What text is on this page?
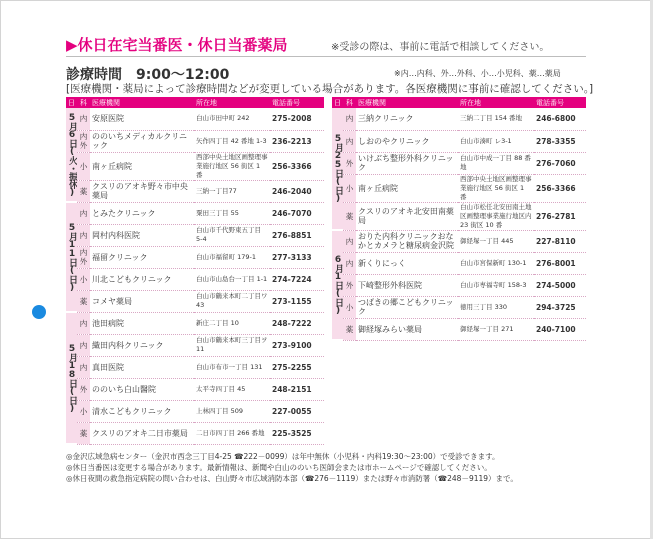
▶休日在宅当番医・休日当番薬局	※受診の際は、事前に電話で相談してください。
診療時間　9:00〜12:00	※内…内科、外…外科、小…小児科、薬…薬局
[医療機関・薬局によって診療時間などが変更している場合があります。各医療機関に事前に確認してください。]
日	科	医療機関	所在地	電話番号
5月6日(火・振休)	内	安原医院	白山市田中町 242	275-2008
	内外	ののいちメディカルクリニック	矢作四丁目 42 番地 1-3	236-2213
	小	南ヶ丘病院	西部中央土地区画整理事業施行地区 56 街区 1 番	256-3366
	薬	クスリのアオキ野々市中央薬局	三納一丁目77	246-2040
5月11日(日)	内	とみたクリニック	粟田三丁目 55	246-7070
	内	岡村内科医院	白山市千代野東五丁目 5-4	276-8851
	内外	福留クリニック	白山市福留町 179-1	277-3133
	小	川北こどもクリニック	白山市山島台一丁目 1-1	274-7224
	薬	コメヤ薬局	白山市鶴来本町二丁目ワ 43	273-1155
5月18日(日)	内	池田病院	新庄二丁目 10	248-7222
	内	織田内科クリニック	白山市鶴来本町三丁目ヲ 11	273-9100
	内	真田医院	白山市布市一丁目 131	275-2255
	外	ののいち白山醫院	太平寺四丁目 45	248-2151
	小	清水こどもクリニック	上林四丁目 509	227-0055
	薬	クスリのアオキ二日市薬局	二日市四丁目 266 番地	225-3525
日	科	医療機関	所在地	電話番号
5月25日(日)	内	三納クリニック	三納二丁目 154 番地	246-6800
	内	しおのやクリニック	白山市湊町 レ3-1	278-3355
	外	いけぶち整形外科クリニック	白山市中成一丁目 88 番地	276-7060
	小	南ヶ丘病院	西部中央土地区画整理事業施行地区 56 街区 1 番	256-3366
	薬	クスリのアオキ北安田南薬局	白山市松任北安田南土地区画整理事業施行地区内 23 街区 10 番	276-2781
6月1日(日)	内	おりた内科クリニックおなかとカメラと糖尿病金沢院	御経塚一丁目 445	227-8110
	内	新くりにっく	白山市宮保新町 130-1	276-8001
	外	下崎整形外科医院	白山市専福寺町 158-3	274-5000
	小	つばきの郷こどもクリニック	徳用三丁目 330	294-3725
	薬	御経塚みらい薬局	御経塚一丁目 271	240-7100
◎金沢広域急病センター（金沢市西念三丁目4-25 ☎222－0099）は年中無休（小児科・内科19:30〜23:00）で受診できます。
◎休日当番医は変更する場合があります。最新情報は、新聞や白山ののいち医師会または市ホームページで確認してください。
◎休日夜間の救急指定病院の問い合わせは、白山野々市広域消防本部（☎276－1119）または野々市消防署（☎248－9119）まで。
